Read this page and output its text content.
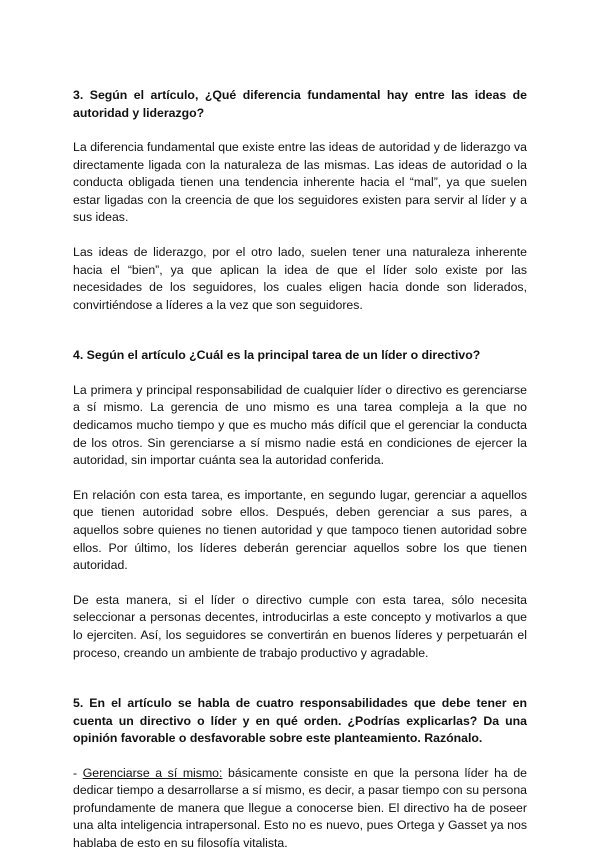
3. Según el artículo, ¿Qué diferencia fundamental hay entre las ideas de autoridad y liderazgo?

La diferencia fundamental que existe entre las ideas de autoridad y de liderazgo va directamente ligada con la naturaleza de las mismas. Las ideas de autoridad o la conducta obligada tienen una tendencia inherente hacia el “mal”, ya que suelen estar ligadas con la creencia de que los seguidores existen para servir al líder y a sus ideas.

Las ideas de liderazgo, por el otro lado, suelen tener una naturaleza inherente hacia el “bien”, ya que aplican la idea de que el líder solo existe por las necesidades de los seguidores, los cuales eligen hacia donde son liderados, convirtiéndose a líderes a la vez que son seguidores.

4. Según el artículo ¿Cuál es la principal tarea de un líder o directivo?

La primera y principal responsabilidad de cualquier líder o directivo es gerenciarse a sí mismo. La gerencia de uno mismo es una tarea compleja a la que no dedicamos mucho tiempo y que es mucho más difícil que el gerenciar la conducta de los otros. Sin gerenciarse a sí mismo nadie está en condiciones de ejercer la autoridad, sin importar cuánta sea la autoridad conferida.

En relación con esta tarea, es importante, en segundo lugar, gerenciar a aquellos que tienen autoridad sobre ellos. Después, deben gerenciar a sus pares, a aquellos sobre quienes no tienen autoridad y que tampoco tienen autoridad sobre ellos. Por último, los líderes deberán gerenciar aquellos sobre los que tienen autoridad.

De esta manera, si el líder o directivo cumple con esta tarea, sólo necesita seleccionar a personas decentes, introducirlas a este concepto y motivarlos a que lo ejerciten. Así, los seguidores se convertirán en buenos líderes y perpetuarán el proceso, creando un ambiente de trabajo productivo y agradable.

5. En el artículo se habla de cuatro responsabilidades que debe tener en cuenta un directivo o líder y en qué orden. ¿Podrías explicarlas? Da una opinión favorable o desfavorable sobre este planteamiento. Razónalo.

- Gerenciarse a sí mismo: básicamente consiste en que la persona líder ha de dedicar tiempo a desarrollarse a sí mismo, es decir, a pasar tiempo con su persona profundamente de manera que llegue a conocerse bien. El directivo ha de poseer una alta inteligencia intrapersonal. Esto no es nuevo, pues Ortega y Gasset ya nos hablaba de esto en su filosofía vitalista.
